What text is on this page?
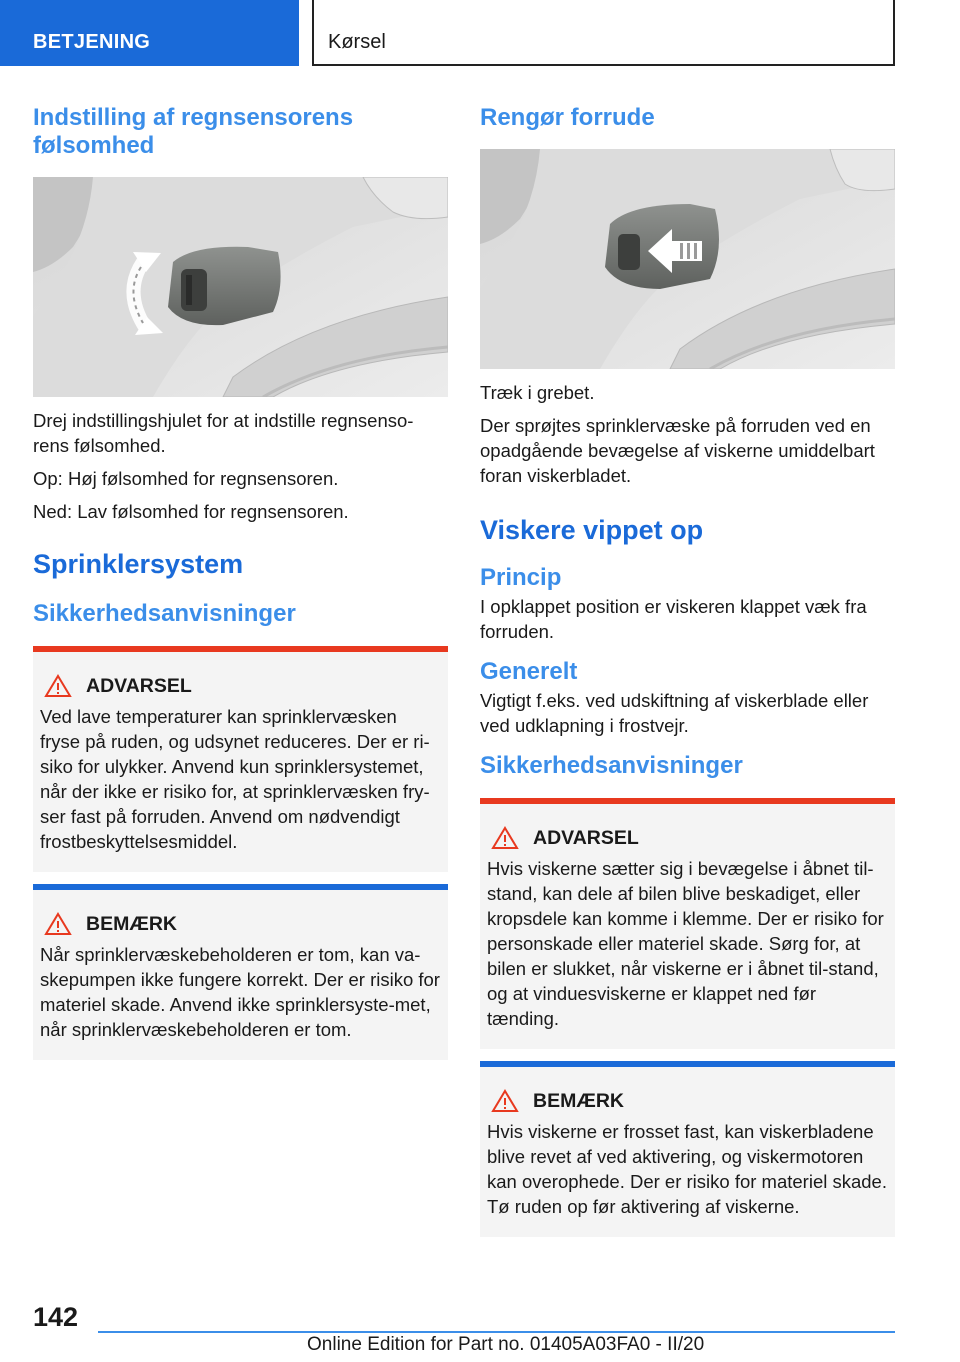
BETJENING	Kørsel
Indstilling af regnsensorens følsomhed

Drej indstillingshjulet for at indstille regnsenso-rens følsomhed.

Op: Høj følsomhed for regnsensoren.

Ned: Lav følsomhed for regnsensoren.

Sprinklersystem
Sikkerhedsanvisninger
ADVARSEL

Ved lave temperaturer kan sprinklervæsken fryse på ruden, og udsynet reduceres. Der er ri-siko for ulykker. Anvend kun sprinklersystemet, når der ikke er risiko for, at sprinklervæsken fry-ser fast på forruden. Anvend om nødvendigt frostbeskyttelsesmiddel.

BEMÆRK

Når sprinklervæskebeholderen er tom, kan va-skepumpen ikke fungere korrekt. Der er risiko for materiel skade. Anvend ikke sprinklersyste-met, når sprinklervæskebeholderen er tom.

Rengør forrude

Træk i grebet.

Der sprøjtes sprinklervæske på forruden ved en opadgående bevægelse af viskerne umiddelbart foran viskerbladet.

Viskere vippet op
Princip

I opklappet position er viskeren klappet væk fra forruden.

Generelt

Vigtigt f.eks. ved udskiftning af viskerblade eller ved udklapning i frostvejr.

Sikkerhedsanvisninger
ADVARSEL

Hvis viskerne sætter sig i bevægelse i åbnet til-stand, kan dele af bilen blive beskadiget, eller kropsdele kan komme i klemme. Der er risiko for personskade eller materiel skade. Sørg for, at bilen er slukket, når viskerne er i åbnet til-stand, og at vinduesviskerne er klappet ned før tænding.

BEMÆRK

Hvis viskerne er frosset fast, kan viskerbladene blive revet af ved aktivering, og viskermotoren kan overophede. Der er risiko for materiel skade. Tø ruden op før aktivering af viskerne.

142
Online Edition for Part no. 01405A03FA0 - II/20
